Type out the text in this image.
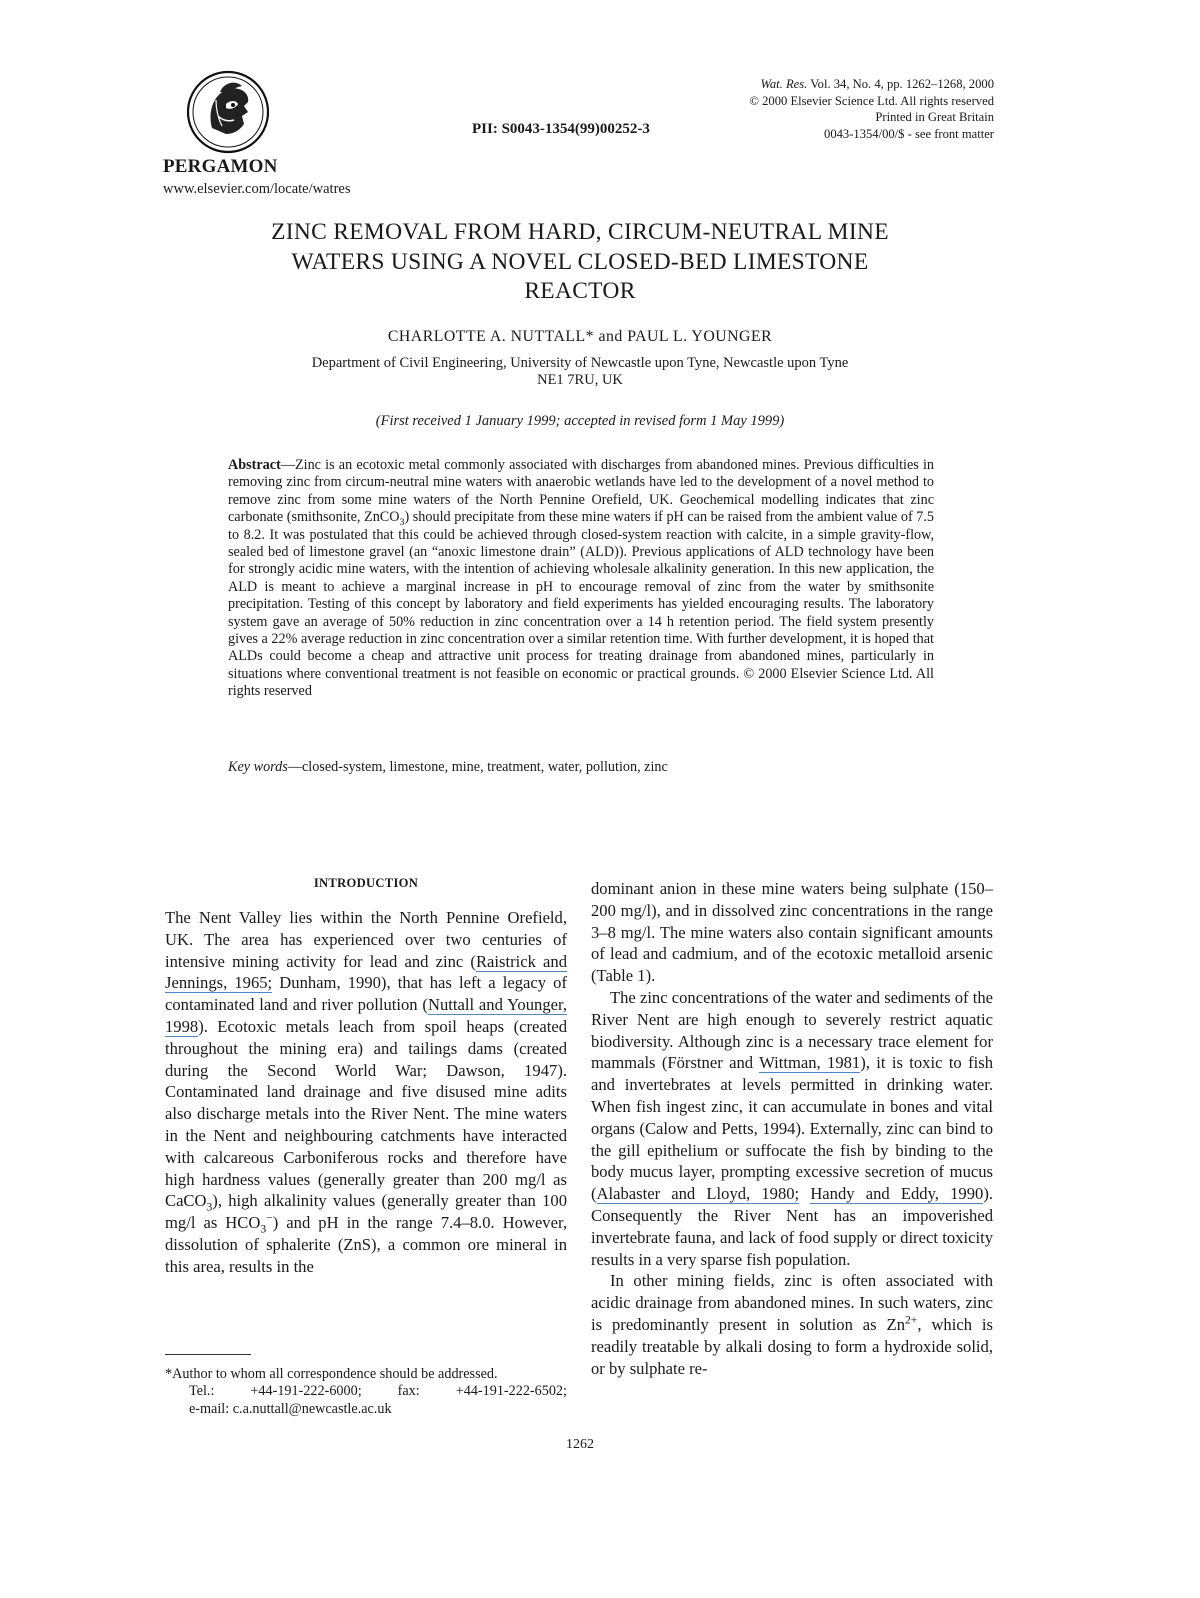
PERGAMON
www.elsevier.com/locate/watres
PII: S0043-1354(99)00252-3
Wat. Res. Vol. 34, No. 4, pp. 1262–1268, 2000
© 2000 Elsevier Science Ltd. All rights reserved
Printed in Great Britain
0043-1354/00/$ - see front matter
ZINC REMOVAL FROM HARD, CIRCUM-NEUTRAL MINE
WATERS USING A NOVEL CLOSED-BED LIMESTONE
REACTOR
CHARLOTTE A. NUTTALL* and PAUL L. YOUNGER
Department of Civil Engineering, University of Newcastle upon Tyne, Newcastle upon Tyne
NE1 7RU, UK
(First received 1 January 1999; accepted in revised form 1 May 1999)
Abstract—Zinc is an ecotoxic metal commonly associated with discharges from abandoned mines. Previous difficulties in removing zinc from circum-neutral mine waters with anaerobic wetlands have led to the development of a novel method to remove zinc from some mine waters of the North Pennine Orefield, UK. Geochemical modelling indicates that zinc carbonate (smithsonite, ZnCO$_3$) should precipitate from these mine waters if pH can be raised from the ambient value of 7.5 to 8.2. It was postulated that this could be achieved through closed-system reaction with calcite, in a simple gravity-flow, sealed bed of limestone gravel (an “anoxic limestone drain” (ALD)). Previous applications of ALD technology have been for strongly acidic mine waters, with the intention of achieving wholesale alkalinity generation. In this new application, the ALD is meant to achieve a marginal increase in pH to encourage removal of zinc from the water by smithsonite precipitation. Testing of this concept by laboratory and field experiments has yielded encouraging results. The laboratory system gave an average of 50% reduction in zinc concentration over a 14 h retention period. The field system presently gives a 22% average reduction in zinc concentration over a similar retention time. With further development, it is hoped that ALDs could become a cheap and attractive unit process for treating drainage from abandoned mines, particularly in situations where conventional treatment is not feasible on economic or practical grounds. © 2000 Elsevier Science Ltd. All rights reserved
Key words—closed-system, limestone, mine, treatment, water, pollution, zinc
INTRODUCTION

The Nent Valley lies within the North Pennine Orefield, UK. The area has experienced over two centuries of intensive mining activity for lead and zinc (Raistrick and Jennings, 1965; Dunham, 1990), that has left a legacy of contaminated land and river pollution (Nuttall and Younger, 1998). Ecotoxic metals leach from spoil heaps (created throughout the mining era) and tailings dams (created during the Second World War; Dawson, 1947). Contaminated land drainage and five disused mine adits also discharge metals into the River Nent. The mine waters in the Nent and neighbouring catchments have interacted with calcareous Carboniferous rocks and therefore have high hardness values (generally greater than 200 mg/l as CaCO$_3$), high alkalinity values (generally greater than 100 mg/l as $HCO_3^-$) and pH in the range 7.4–8.0. However, dissolution of sphalerite (ZnS), a common ore mineral in this area, results in the

dominant anion in these mine waters being sulphate (150–200 mg/l), and in dissolved zinc concentrations in the range 3–8 mg/l. The mine waters also contain significant amounts of lead and cadmium, and of the ecotoxic metalloid arsenic (Table 1).

The zinc concentrations of the water and sediments of the River Nent are high enough to severely restrict aquatic biodiversity. Although zinc is a necessary trace element for mammals (Förstner and Wittman, 1981), it is toxic to fish and invertebrates at levels permitted in drinking water. When fish ingest zinc, it can accumulate in bones and vital organs (Calow and Petts, 1994). Externally, zinc can bind to the gill epithelium or suffocate the fish by binding to the body mucus layer, prompting excessive secretion of mucus (Alabaster and Lloyd, 1980; Handy and Eddy, 1990). Consequently the River Nent has an impoverished invertebrate fauna, and lack of food supply or direct toxicity results in a very sparse fish population.

In other mining fields, zinc is often associated with acidic drainage from abandoned mines. In such waters, zinc is predominantly present in solution as $Zn^{2+}$, which is readily treatable by alkali dosing to form a hydroxide solid, or by sulphate re-

*Author to whom all correspondence should be addressed.
Tel.:	+44-191-222-6000;	fax:	+44-191-222-6502;
e-mail: c.a.nuttall@newcastle.ac.uk
1262
